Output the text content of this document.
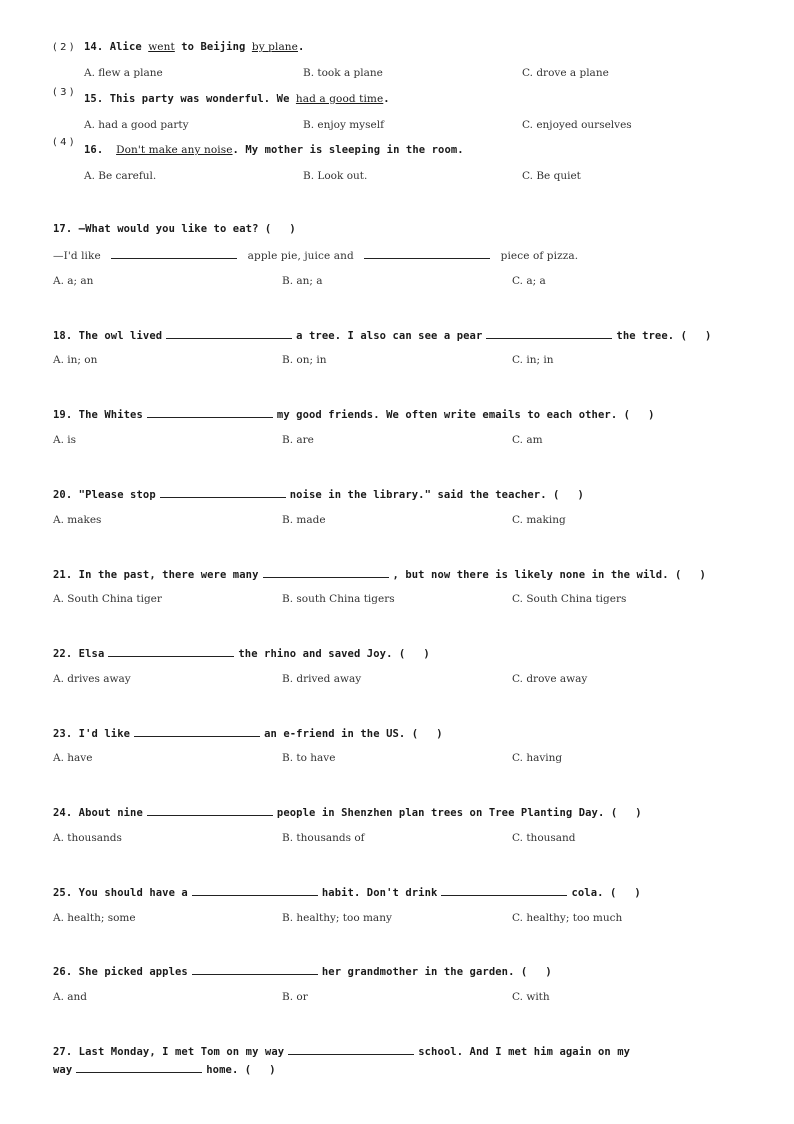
( 2 ) 14. Alice went to Beijing by plane.
A. flew a plane	B. took a plane	C. drove a plane
( 3 )
15. This party was wonderful. We had a good time.
A. had a good party	B. enjoy myself	C. enjoyed ourselves
( 4 )
16. Don't make any noise. My mother is sleeping in the room.
A. Be careful.	B. Look out.	C. Be quiet
17. —What would you like to eat? ( )
—I'd like	apple pie, juice and	piece of pizza.
A. a; an	B. an; a	C. a; a
18. The owl lived	a tree. I also can see a pear	the tree. ( )
A. in; on	B. on; in	C. in; in
19. The Whites	my good friends. We often write emails to each other. ( )
A. is	B. are	C. am
20. "Please stop	noise in the library." said the teacher. ( )
A. makes	B. made	C. making
21. In the past, there were many	, but now there is likely none in the wild. ( )
A. South China tiger	B. south China tigers	C. South China tigers
22. Elsa	the rhino and saved Joy. ( )
A. drives away	B. drived away	C. drove away
23. I'd like	an e-friend in the US. ( )
A. have	B. to have	C. having
24. About nine	people in Shenzhen plan trees on Tree Planting Day. ( )
A. thousands	B. thousands of	C. thousand
25. You should have a	habit. Don't drink	cola. ( )
A. health; some	B. healthy; too many	C. healthy; too much
26. She picked apples	her grandmother in the garden. ( )
A. and	B. or	C. with
27. Last Monday, I met Tom on my way	school. And I met him again on my
way	home. ( )
